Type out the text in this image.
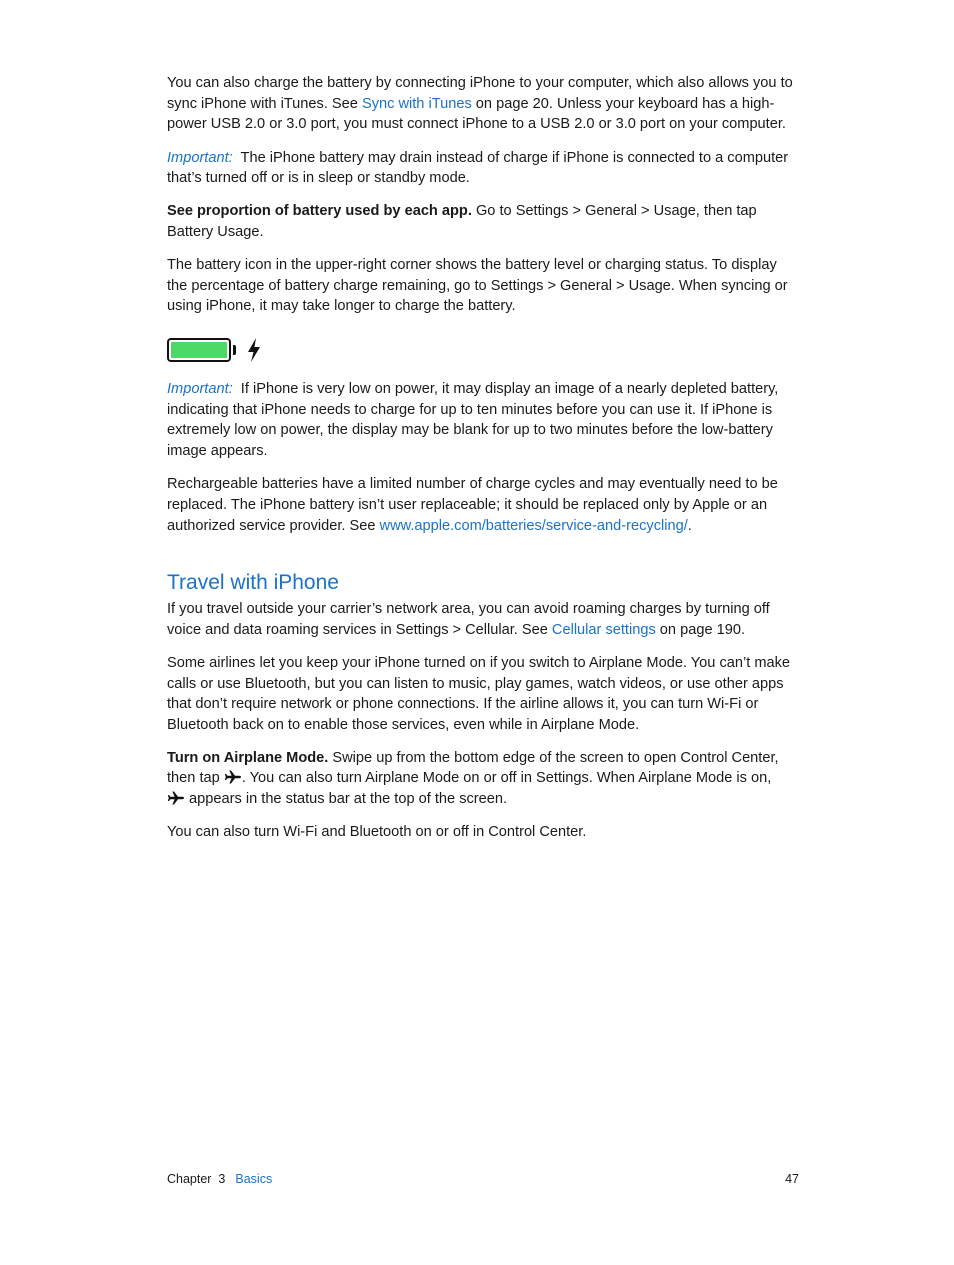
You can also charge the battery by connecting iPhone to your computer, which also allows you to sync iPhone with iTunes. See Sync with iTunes on page 20. Unless your keyboard has a high-power USB 2.0 or 3.0 port, you must connect iPhone to a USB 2.0 or 3.0 port on your computer.

Important:  The iPhone battery may drain instead of charge if iPhone is connected to a computer that’s turned off or is in sleep or standby mode.

See proportion of battery used by each app. Go to Settings > General > Usage, then tap Battery Usage.

The battery icon in the upper-right corner shows the battery level or charging status. To display the percentage of battery charge remaining, go to Settings > General > Usage. When syncing or using iPhone, it may take longer to charge the battery.

Important:  If iPhone is very low on power, it may display an image of a nearly depleted battery, indicating that iPhone needs to charge for up to ten minutes before you can use it. If iPhone is extremely low on power, the display may be blank for up to two minutes before the low-battery image appears.

Rechargeable batteries have a limited number of charge cycles and may eventually need to be replaced. The iPhone battery isn’t user replaceable; it should be replaced only by Apple or an authorized service provider. See www.apple.com/batteries/service-and-recycling/.

Travel with iPhone

If you travel outside your carrier’s network area, you can avoid roaming charges by turning off voice and data roaming services in Settings > Cellular. See Cellular settings on page 190.

Some airlines let you keep your iPhone turned on if you switch to Airplane Mode. You can’t make calls or use Bluetooth, but you can listen to music, play games, watch videos, or use other apps that don’t require network or phone connections. If the airline allows it, you can turn Wi-Fi or Bluetooth back on to enable those services, even while in Airplane Mode.

Turn on Airplane Mode. Swipe up from the bottom edge of the screen to open Control Center, then tap . You can also turn Airplane Mode on or off in Settings. When Airplane Mode is on,
appears in the status bar at the top of the screen.

You can also turn Wi-Fi and Bluetooth on or off in Control Center.

Chapter  3 Basics	47
